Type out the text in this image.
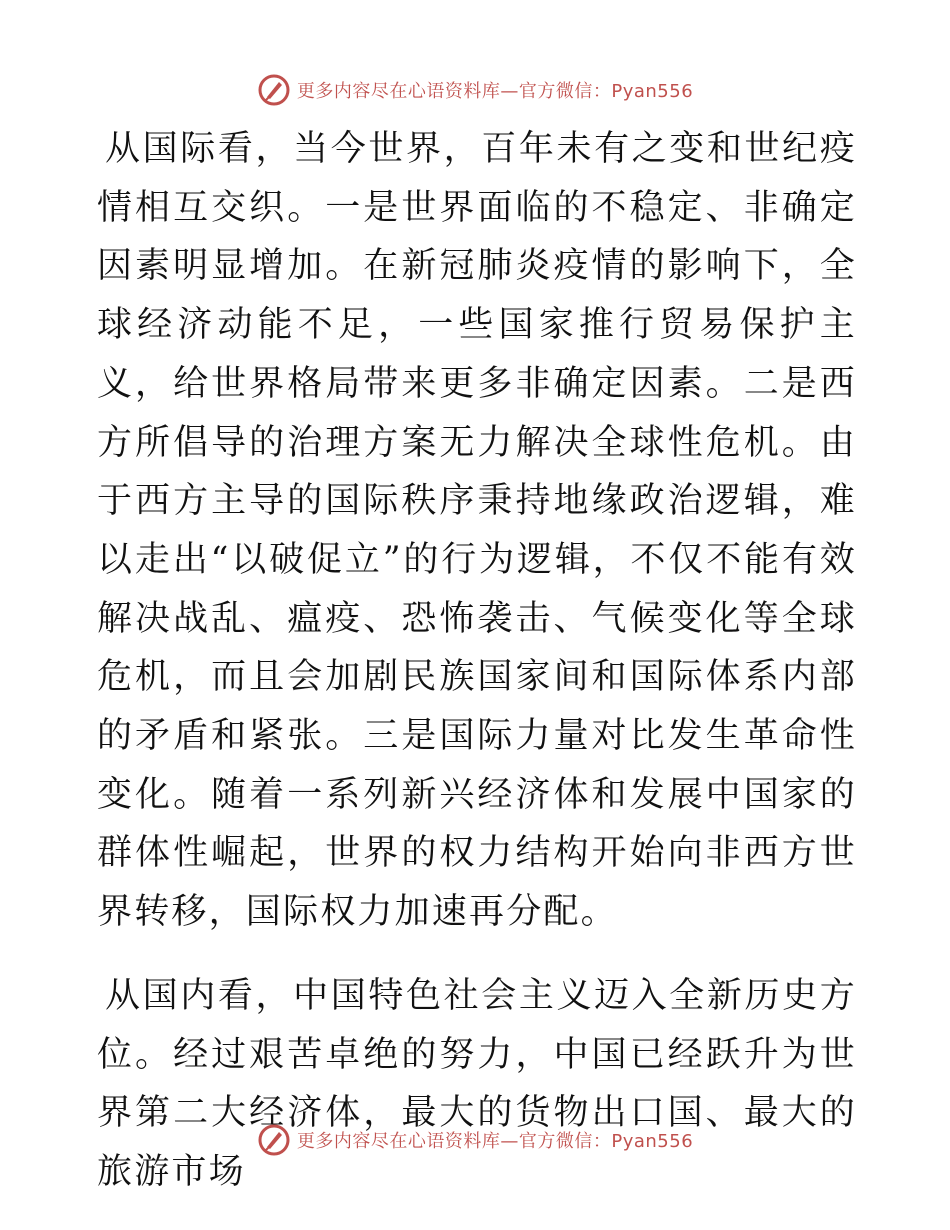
更多内容尽在心语资料库—官方微信：Pyan556

从国际看，当今世界，百年未有之变和世纪疫情相互交织。一是世界面临的不稳定、非确定因素明显增加。在新冠肺炎疫情的影响下，全球经济动能不足，一些国家推行贸易保护主义，给世界格局带来更多非确定因素。二是西方所倡导的治理方案无力解决全球性危机。由于西方主导的国际秩序秉持地缘政治逻辑，难以走出“以破促立”的行为逻辑，不仅不能有效解决战乱、瘟疫、恐怖袭击、气候变化等全球危机，而且会加剧民族国家间和国际体系内部的矛盾和紧张。三是国际力量对比发生革命性变化。随着一系列新兴经济体和发展中国家的群体性崛起，世界的权力结构开始向非西方世界转移，国际权力加速再分配。

从国内看，中国特色社会主义迈入全新历史方位。经过艰苦卓绝的努力，中国已经跃升为世界第二大经济体，最大的货物出口国、最大的旅游市场

更多内容尽在心语资料库—官方微信：Pyan556
